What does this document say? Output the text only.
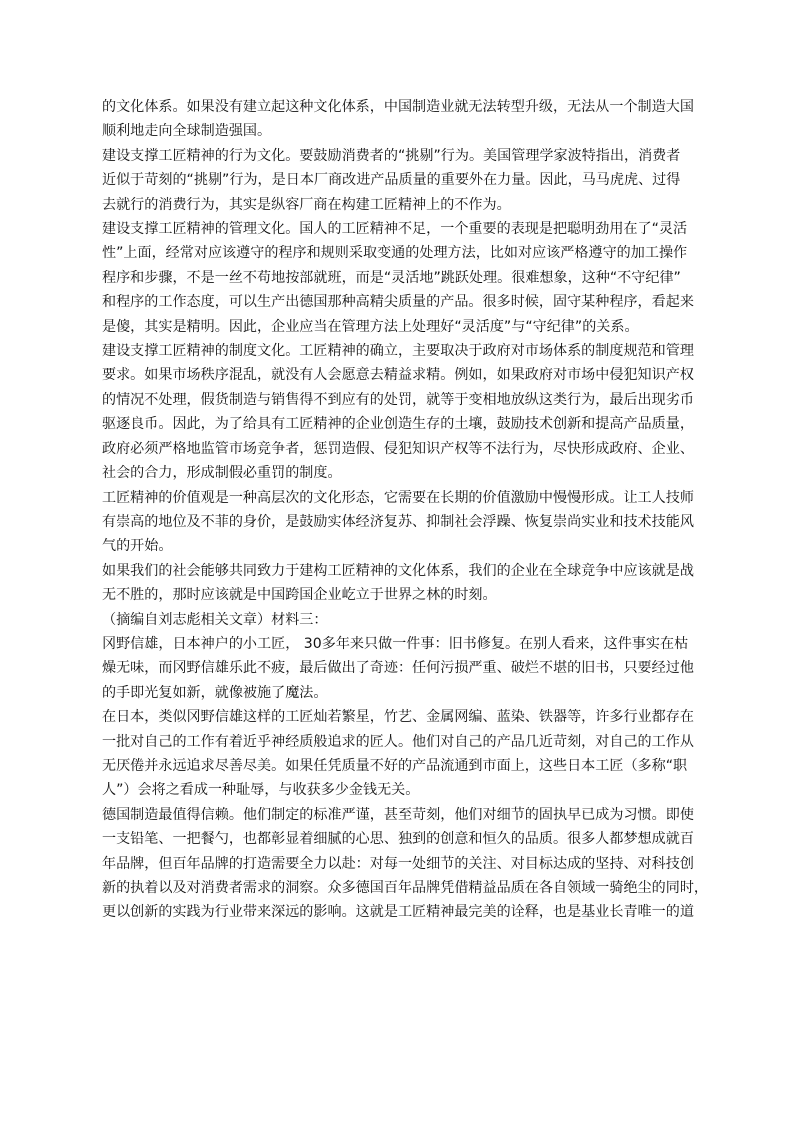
的文化体系。如果没有建立起这种文化体系，中国制造业就无法转型升级，无法从一个制造大国
顺利地走向全球制造强国。

建设支撑工匠精神的行为文化。要鼓励消费者的“挑剔”行为。美国管理学家波特指出，消费者
近似于苛刻的“挑剔”行为，是日本厂商改进产品质量的重要外在力量。因此，马马虎虎、过得
去就行的消费行为，其实是纵容厂商在构建工匠精神上的不作为。

建设支撑工匠精神的管理文化。国人的工匠精神不足，一个重要的表现是把聪明劲用在了“灵活
性”上面，经常对应该遵守的程序和规则采取变通的处理方法，比如对应该严格遵守的加工操作
程序和步骤，不是一丝不苟地按部就班，而是“灵活地”跳跃处理。很难想象，这种“不守纪律”
和程序的工作态度，可以生产出德国那种高精尖质量的产品。很多时候，固守某种程序，看起来
是傻，其实是精明。因此，企业应当在管理方法上处理好“灵活度”与“守纪律”的关系。

建设支撑工匠精神的制度文化。工匠精神的确立，主要取决于政府对市场体系的制度规范和管理
要求。如果市场秩序混乱，就没有人会愿意去精益求精。例如，如果政府对市场中侵犯知识产权
的情况不处理，假货制造与销售得不到应有的处罚，就等于变相地放纵这类行为，最后出现劣币
驱逐良币。因此，为了给具有工匠精神的企业创造生存的土壤，鼓励技术创新和提高产品质量，
政府必须严格地监管市场竞争者，惩罚造假、侵犯知识产权等不法行为，尽快形成政府、企业、
社会的合力，形成制假必重罚的制度。

工匠精神的价值观是一种高层次的文化形态，它需要在长期的价值激励中慢慢形成。让工人技师
有崇高的地位及不菲的身价，是鼓励实体经济复苏、抑制社会浮躁、恢复崇尚实业和技术技能风
气的开始。

如果我们的社会能够共同致力于建构工匠精神的文化体系，我们的企业在全球竞争中应该就是战
无不胜的，那时应该就是中国跨国企业屹立于世界之林的时刻。

（摘编自刘志彪相关文章）材料三：

冈野信雄，日本神户的小工匠， 30多年来只做一件事：旧书修复。在别人看来，这件事实在枯
燥无味，而冈野信雄乐此不疲，最后做出了奇迹：任何污损严重、破烂不堪的旧书，只要经过他
的手即光复如新，就像被施了魔法。

在日本，类似冈野信雄这样的工匠灿若繁星，竹艺、金属网编、蓝染、铁器等，许多行业都存在
一批对自己的工作有着近乎神经质般追求的匠人。他们对自己的产品几近苛刻，对自己的工作从
无厌倦并永远追求尽善尽美。如果任凭质量不好的产品流通到市面上，这些日本工匠（多称“职
人”）会将之看成一种耻辱，与收获多少金钱无关。

德国制造最值得信赖。他们制定的标准严谨，甚至苛刻，他们对细节的固执早已成为习惯。即使
一支铅笔、一把餐勺，也都彰显着细腻的心思、独到的创意和恒久的品质。很多人都梦想成就百
年品牌，但百年品牌的打造需要全力以赴：对每一处细节的关注、对目标达成的坚持、对科技创
新的执着以及对消费者需求的洞察。众多德国百年品牌凭借精益品质在各自领域一骑绝尘的同时，
更以创新的实践为行业带来深远的影响。这就是工匠精神最完美的诠释，也是基业长青唯一的道
